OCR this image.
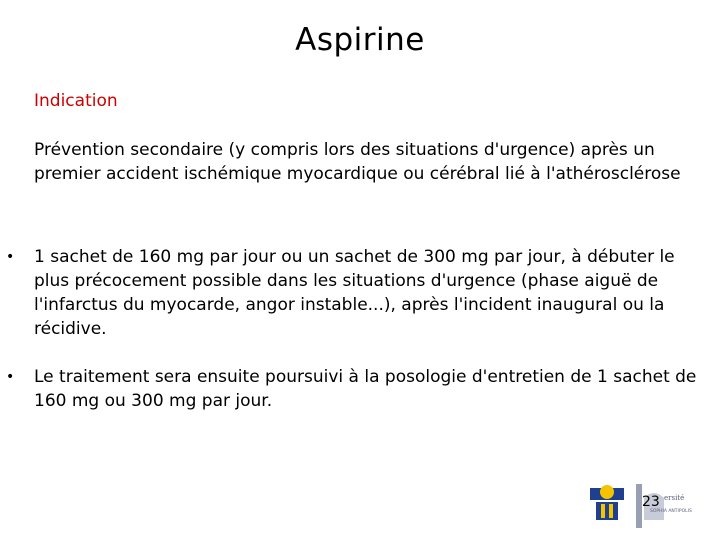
Aspirine
Indication
Prévention secondaire (y compris lors des situations d'urgence) après un premier accident ischémique myocardique ou cérébral lié à l'athérosclérose
• 1 sachet de 160 mg par jour ou un sachet de 300 mg par jour, à débuter le plus précocement possible dans les situations d'urgence (phase aiguë de l'infarctus du myocarde, angor instable...), après l'incident inaugural ou la récidive.
• Le traitement sera ensuite poursuivi à la posologie d'entretien de 1 sachet de 160 mg ou 300 mg par jour.
ersité
SOPHIA ANTIPOLIS
23
